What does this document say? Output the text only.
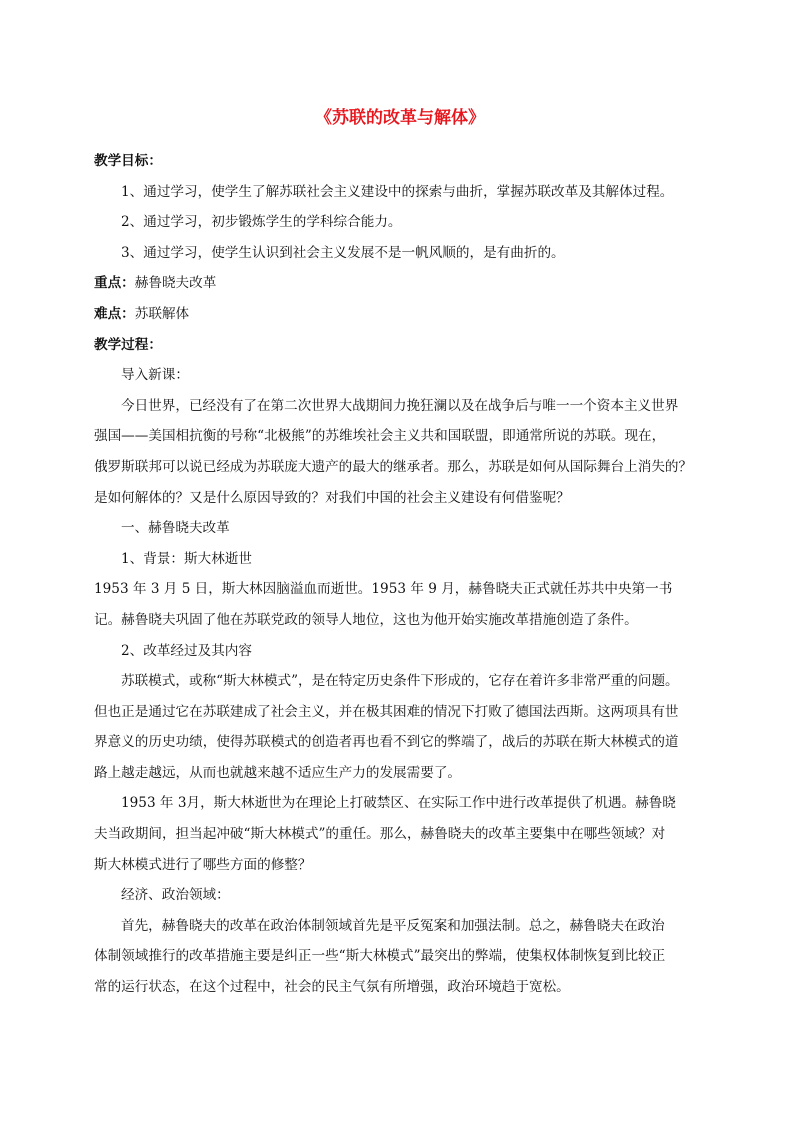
《苏联的改革与解体》

教学目标：

1、通过学习，使学生了解苏联社会主义建设中的探索与曲折，掌握苏联改革及其解体过程。

2、通过学习，初步锻炼学生的学科综合能力。

3、通过学习，使学生认识到社会主义发展不是一帆风顺的，是有曲折的。

重点：赫鲁晓夫改革

难点：苏联解体

教学过程：

导入新课：

今日世界，已经没有了在第二次世界大战期间力挽狂澜以及在战争后与唯一一个资本主义世界

强国——美国相抗衡的号称“北极熊”的苏维埃社会主义共和国联盟，即通常所说的苏联。现在，

俄罗斯联邦可以说已经成为苏联庞大遗产的最大的继承者。那么，苏联是如何从国际舞台上消失的？

是如何解体的？又是什么原因导致的？对我们中国的社会主义建设有何借鉴呢？

一、赫鲁晓夫改革

1、背景：斯大林逝世

1953 年 3 月 5 日，斯大林因脑溢血而逝世。1953 年 9 月，赫鲁晓夫正式就任苏共中央第一书

记。赫鲁晓夫巩固了他在苏联党政的领导人地位，这也为他开始实施改革措施创造了条件。

2、改革经过及其内容

苏联模式，或称“斯大林模式”，是在特定历史条件下形成的，它存在着许多非常严重的问题。

但也正是通过它在苏联建成了社会主义，并在极其困难的情况下打败了德国法西斯。这两项具有世

界意义的历史功绩，使得苏联模式的创造者再也看不到它的弊端了，战后的苏联在斯大林模式的道

路上越走越远，从而也就越来越不适应生产力的发展需要了。

1953 年 3月，斯大林逝世为在理论上打破禁区、在实际工作中进行改革提供了机遇。赫鲁晓

夫当政期间，担当起冲破“斯大林模式”的重任。那么，赫鲁晓夫的改革主要集中在哪些领域？对

斯大林模式进行了哪些方面的修整？

经济、政治领域：

首先，赫鲁晓夫的改革在政治体制领域首先是平反冤案和加强法制。总之，赫鲁晓夫在政治

体制领域推行的改革措施主要是纠正一些“斯大林模式”最突出的弊端，使集权体制恢复到比较正

常的运行状态，在这个过程中，社会的民主气氛有所增强，政治环境趋于宽松。
